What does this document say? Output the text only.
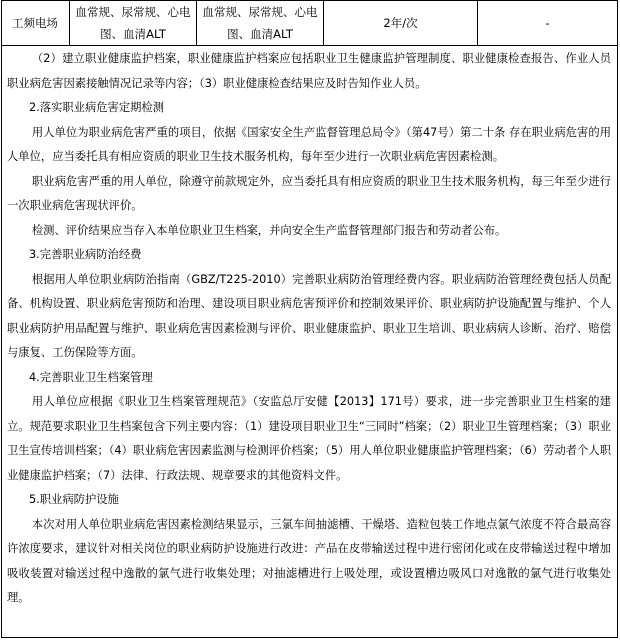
工频电场	血常规、尿常规、心电图、血清ALT	血常规、尿常规、心电图、血清ALT	2年/次	-

（2）建立职业健康监护档案，职业健康监护档案应包括职业卫生健康监护管理制度、职业健康检查报告、作业人员职业病危害因素接触情况记录等内容；（3）职业健康检查结果应及时告知作业人员。

2.落实职业病危害定期检测

用人单位为职业病危害严重的项目，依据《国家安全生产监督管理总局令》（第47号）第二十条 存在职业病危害的用人单位，应当委托具有相应资质的职业卫生技术服务机构，每年至少进行一次职业病危害因素检测。

职业病危害严重的用人单位，除遵守前款规定外，应当委托具有相应资质的职业卫生技术服务机构，每三年至少进行一次职业病危害现状评价。

检测、评价结果应当存入本单位职业卫生档案，并向安全生产监督管理部门报告和劳动者公布。

3.完善职业病防治经费

根据用人单位职业病防治指南（GBZ/T225-2010）完善职业病防治管理经费内容。职业病防治管理经费包括人员配备、机构设置、职业病危害预防和治理、建设项目职业病危害预评价和控制效果评价、职业病防护设施配置与维护、个人职业病防护用品配置与维护、职业病危害因素检测与评价、职业健康监护、职业卫生培训、职业病病人诊断、治疗、赔偿与康复、工伤保险等方面。

4.完善职业卫生档案管理

用人单位应根据《职业卫生档案管理规范》（安监总厅安健【2013】171号）要求，进一步完善职业卫生档案的建立。规范要求职业卫生档案包含下列主要内容：（1）建设项目职业卫生“三同时”档案；（2）职业卫生管理档案；（3）职业卫生宣传培训档案；（4）职业病危害因素监测与检测评价档案；（5）用人单位职业健康监护管理档案；（6）劳动者个人职业健康监护档案；（7）法律、行政法规、规章要求的其他资料文件。

5.职业病防护设施

本次对用人单位职业病危害因素检测结果显示，三氯车间抽滤槽、干燥塔、造粒包装工作地点氯气浓度不符合最高容许浓度要求，建议针对相关岗位的职业病防护设施进行改进：产品在皮带输送过程中进行密闭化或在皮带输送过程中增加吸收装置对输送过程中逸散的氯气进行收集处理；对抽滤槽进行上吸处理，或设置槽边吸风口对逸散的氯气进行收集处理。
